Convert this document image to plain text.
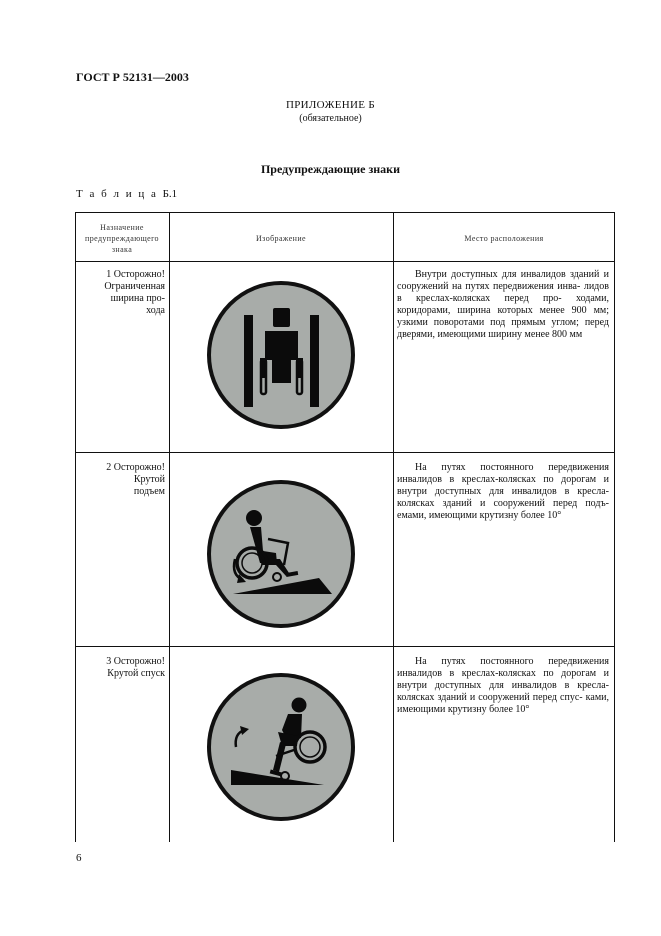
ГОСТ Р 52131—2003
ПРИЛОЖЕНИЕ Б
(обязательное)
Предупреждающие знаки
Т а б л и ц а Б.1
Назначение
предупреждающего
знака
Изображение	Место расположения
1 Осторожно!
Ограниченная
ширина про-
хода
Внутри доступных для инвалидов зданий и сооружений на путях передвижения инва- лидов в креслах-колясках перед про- ходами, коридорами, ширина которых менее 900 мм; узкими поворотами под прямым углом; перед дверями, имеющими ширину менее 800 мм
2 Осторожно!
Крутой
подъем
На путях постоянного передвижения инвалидов в креслах-колясках по дорогам и внутри доступных для инвалидов в кресла- колясках зданий и сооружений перед подъ- емами, имеющими крутизну более 10°
3 Осторожно!
Крутой спуск
На путях постоянного передвижения инвалидов в креслах-колясках по дорогам и внутри доступных для инвалидов в кресла- колясках зданий и сооружений перед спус- ками, имеющими крутизну более 10°
6
